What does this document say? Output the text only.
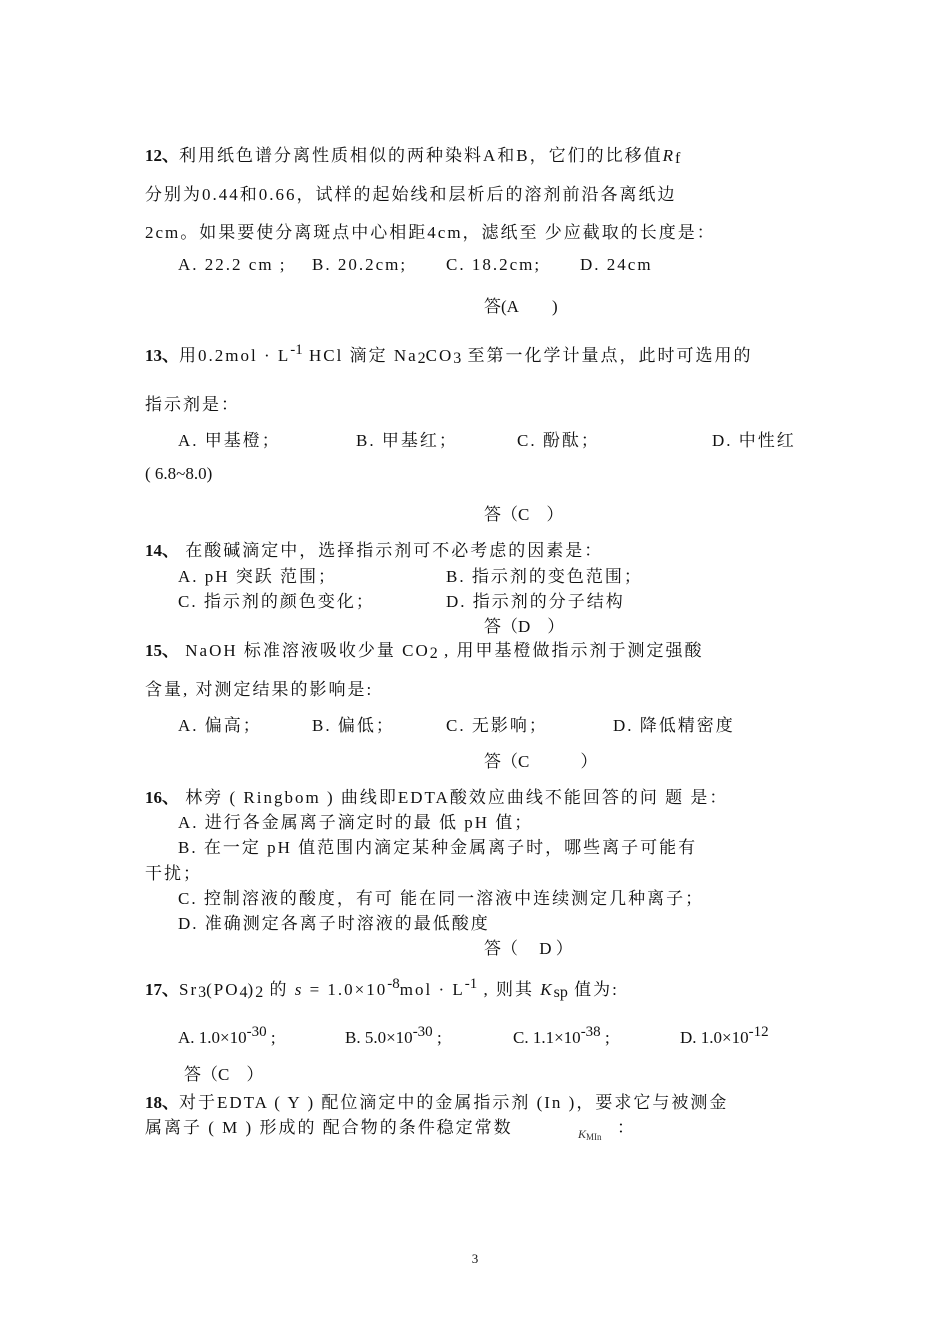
12、利用纸色谱分离性质相似的两种染料A和B，它们的比移值$R_f$
分别为0.44和0.66，试样的起始线和层析后的溶剂前沿各离纸边
2cm。如果要使分离斑点中心相距4cm，滤纸至 少应截取的长度是：
A. 22.2 cm ; B. 20.2cm; C. 18.2cm; D. 24cm
答(A　　)
13、用$0.2mol \cdot L^{-1}$ HCl 滴定 $Na_2CO_3$ 至第一化学计量点，此时可选用的
指示剂是：
A. 甲基橙；	B. 甲基红；	C. 酚酞；	D. 中性红
( 6.8~8.0)
答（C　）
14、 在酸碱滴定中，选择指示剂可不必考虑的因素是：
A. pH 突跃 范围；	B. 指示剂的变色范围；
C. 指示剂的颜色变化；	D. 指示剂的分子结构
答（D　）
15、 NaOH 标准溶液吸收少量 $CO_2$ , 用甲基橙做指示剂于测定强酸
含量, 对测定结果的影响是:
A. 偏高；	B. 偏低；	C. 无影响；	D. 降低精密度
答（C　　　）
16、 林旁 ( Ringbom ) 曲线即EDTA酸效应曲线不能回答的问 题 是：
A. 进行各金属离子滴定时的最 低 pH 值；
B. 在一定 pH 值范围内滴定某种金属离子时，哪些离子可能有
干扰；
C. 控制溶液的酸度，有可 能在同一溶液中连续测定几种离子；
D. 准确测定各离子时溶液的最低酸度
答（　 D ）
17、$Sr_3(PO_4)_2$ 的 $s = 1.0\times 10^{-8}mol \cdot L^{-1}$ , 则其 $K_{sp}$ 值为:
A. $1.0\times 10^{-30}$ ;	B. $5.0\times 10^{-30}$ ;	C. $1.1\times 10^{-38}$ ;	D. $1.0\times 10^{-12}$
答（C　）
18、对于EDTA ( Y ) 配位滴定中的金属指示剂 (In )，要求它与被测金
属离子 ( M ) 形成的 配合物的条件稳定常数	$K_{MIn}$ ：
3
